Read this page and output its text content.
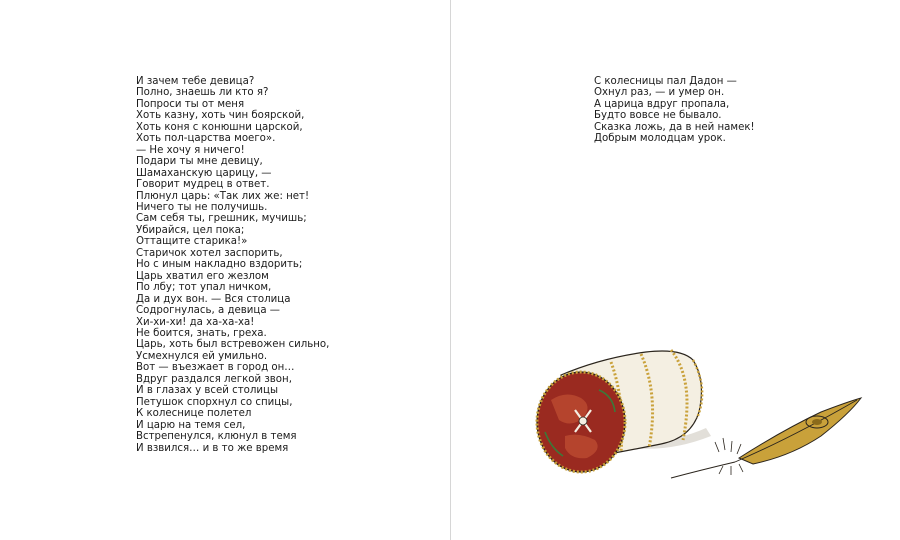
И зачем тебе девица?
Полно, знаешь ли кто я?
Попроси ты от меня
Хоть казну, хоть чин боярской,
Хоть коня с конюшни царской,
Хоть пол-царства моего».
— Не хочу я ничего!
Подари ты мне девицу,
Шамаханскую царицу, —
Говорит мудрец в ответ.
Плюнул царь: «Так лих же: нет!
Ничего ты не получишь.
Сам себя ты, грешник, мучишь;
Убирайся, цел пока;
Оттащите старика!»
Старичок хотел заспорить,
Но с иным накладно вздорить;
Царь хватил его жезлом
По лбу; тот упал ничком,
Да и дух вон. — Вся столица
Содрогнулась, а девица —
Хи-хи-хи! да ха-ха-ха!
Не боится, знать, греха.
Царь, хоть был встревожен сильно,
Усмехнулся ей умильно.
Вот — въезжает в город он…
Вдруг раздался легкой звон,
И в глазах у всей столицы
Петушок спорхнул со спицы,
К колеснице полетел
И царю на темя сел,
Встрепенулся, клюнул в темя
И взвился… и в то же время
С колесницы пал Дадон —
Охнул раз, — и умер он.
А царица вдруг пропала,
Будто вовсе не бывало.
Сказка ложь, да в ней намек!
Добрым молодцам урок.
